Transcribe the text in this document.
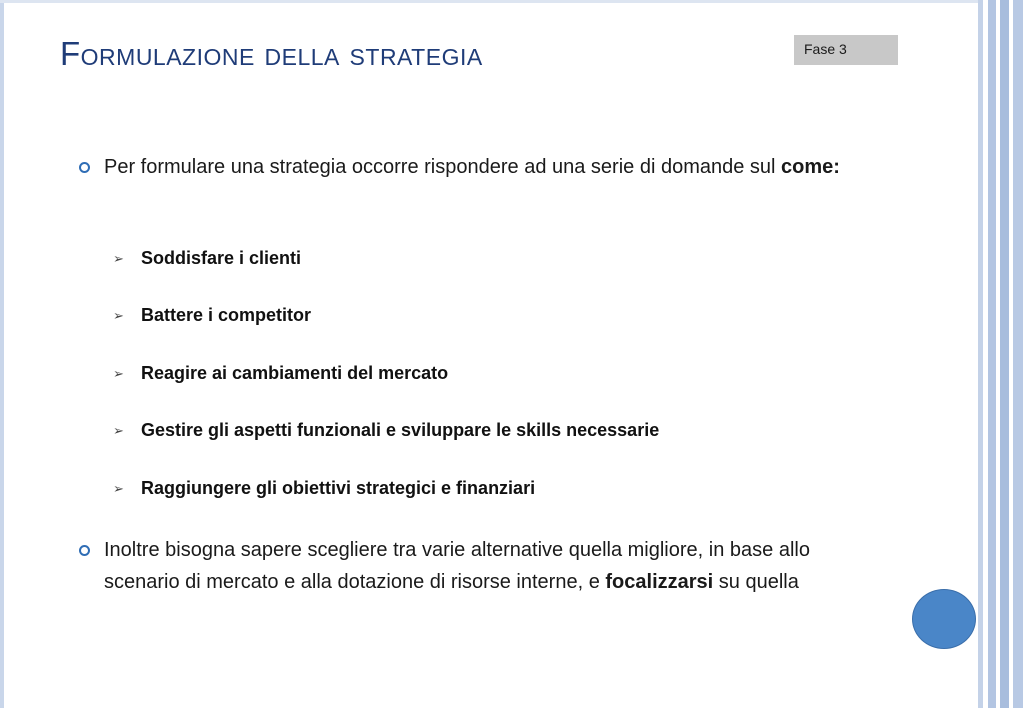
Formulazione della strategia	Fase 3
Per formulare una strategia occorre rispondere ad una serie di domande sul come:
➢ Soddisfare i clienti
➢ Battere i competitor
➢ Reagire ai cambiamenti del mercato
➢ Gestire gli aspetti funzionali e sviluppare le skills necessarie
➢ Raggiungere gli obiettivi strategici e finanziari
Inoltre bisogna sapere scegliere tra varie alternative quella migliore, in base allo scenario di mercato e alla dotazione di risorse interne, e focalizzarsi su quella
